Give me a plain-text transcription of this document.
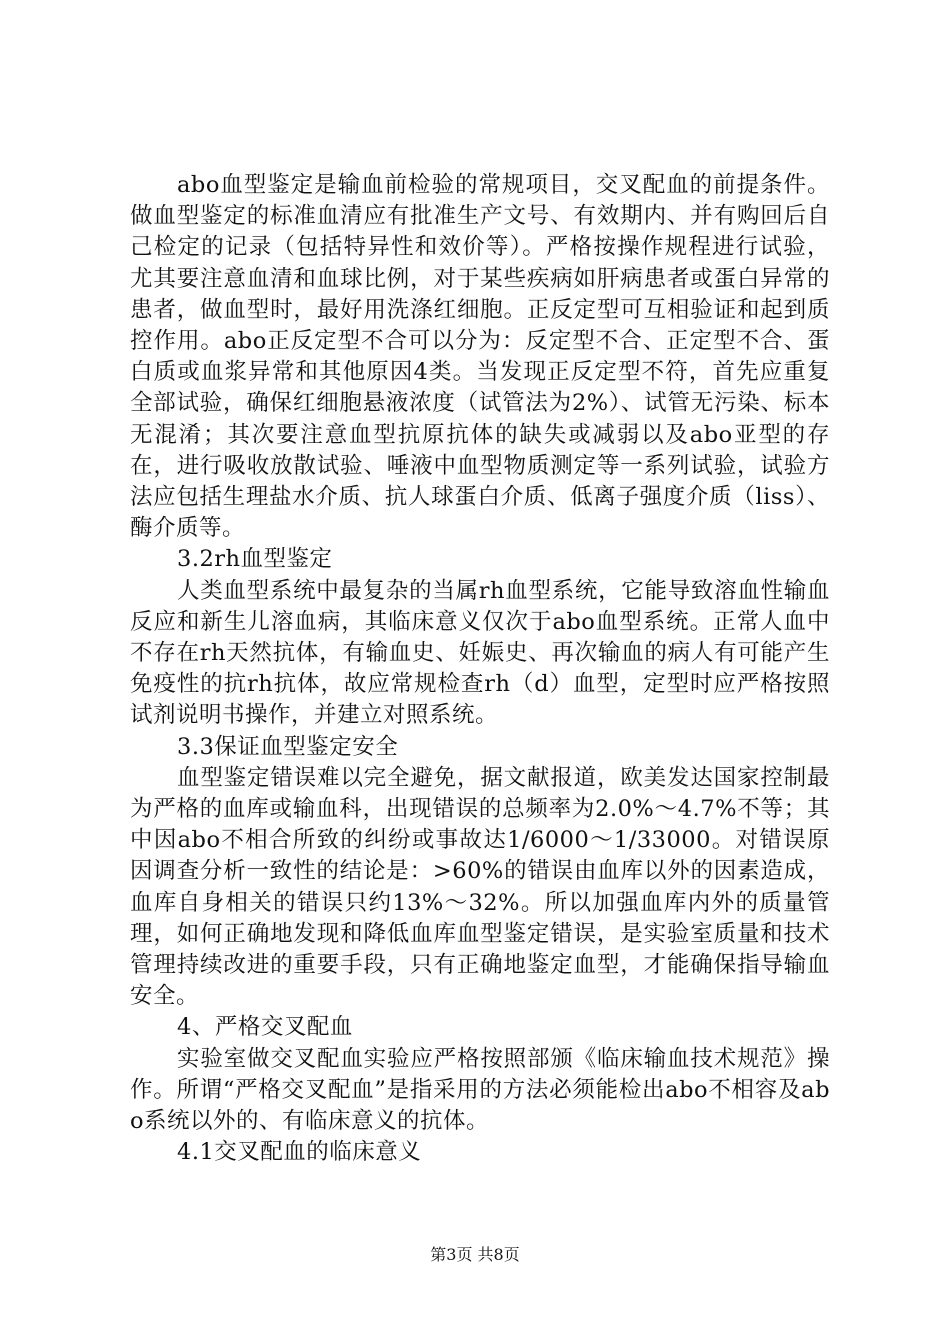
abo血型鉴定是输血前检验的常规项目，交叉配血的前提条件。做血型鉴定的标准血清应有批准生产文号、有效期内、并有购回后自己检定的记录（包括特异性和效价等）。严格按操作规程进行试验，尤其要注意血清和血球比例，对于某些疾病如肝病患者或蛋白异常的患者，做血型时，最好用洗涤红细胞。正反定型可互相验证和起到质控作用。abo正反定型不合可以分为：反定型不合、正定型不合、蛋白质或血浆异常和其他原因4类。当发现正反定型不符，首先应重复全部试验，确保红细胞悬液浓度（试管法为2%）、试管无污染、标本无混淆；其次要注意血型抗原抗体的缺失或减弱以及abo亚型的存在，进行吸收放散试验、唾液中血型物质测定等一系列试验，试验方法应包括生理盐水介质、抗人球蛋白介质、低离子强度介质（liss）、酶介质等。

3.2rh血型鉴定

人类血型系统中最复杂的当属rh血型系统，它能导致溶血性输血反应和新生儿溶血病，其临床意义仅次于abo血型系统。正常人血中不存在rh天然抗体，有输血史、妊娠史、再次输血的病人有可能产生免疫性的抗rh抗体，故应常规检查rh（d）血型，定型时应严格按照试剂说明书操作，并建立对照系统。

3.3保证血型鉴定安全

血型鉴定错误难以完全避免，据文献报道，欧美发达国家控制最为严格的血库或输血科，出现错误的总频率为2.0%～4.7%不等；其中因abo不相合所致的纠纷或事故达1/6000～1/33000。对错误原因调查分析一致性的结论是：>60%的错误由血库以外的因素造成，血库自身相关的错误只约13%～32%。所以加强血库内外的质量管理，如何正确地发现和降低血库血型鉴定错误，是实验室质量和技术管理持续改进的重要手段，只有正确地鉴定血型，才能确保指导输血安全。

4、严格交叉配血

实验室做交叉配血实验应严格按照部颁《临床输血技术规范》操作。所谓“严格交叉配血”是指采用的方法必须能检出abo不相容及abo系统以外的、有临床意义的抗体。

4.1交叉配血的临床意义

第3页 共8页
